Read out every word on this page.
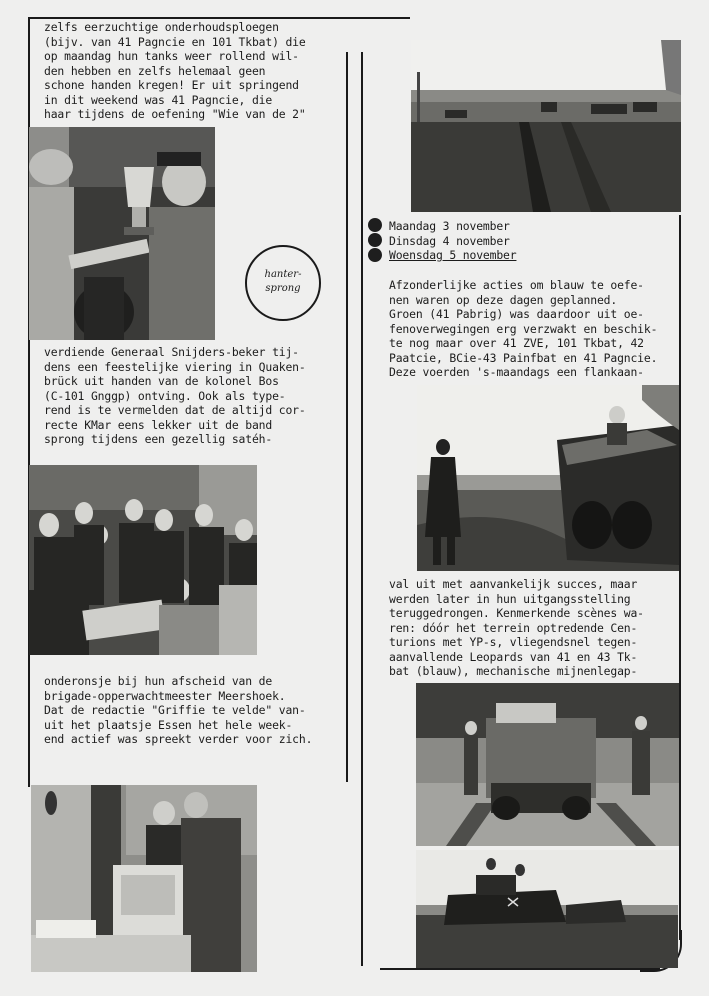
zelfs eerzuchtige onderhoudsploegen
(bijv. van 41 Pagncie en 101 Tkbat) die
op maandag hun tanks weer rollend wil-
den hebben en zelfs helemaal geen
schone handen kregen! Er uit springend
in dit weekend was 41 Pagncie, die
haar tijdens de oefening "Wie van de 2"
hanter-
sprong
verdiende Generaal Snijders-beker tij-
dens een feestelijke viering in Quaken-
brück uit handen van de kolonel Bos
(C-101 Gnggp) ontving. Ook als type-
rend is te vermelden dat de altijd cor-
recte KMar eens lekker uit de band
sprong tijdens een gezellig satéh-
onderonsje bij hun afscheid van de
brigade-opperwachtmeester Meershoek.
Dat de redactie "Griffie te velde" van-
uit het plaatsje Essen het hele week-
end actief was spreekt verder voor zich.
Maandag 3 november
Dinsdag 4 november
Woensdag 5 november
Afzonderlijke acties om blauw te oefe-
nen waren op deze dagen geplanned.
Groen (41 Pabrig) was daardoor uit oe-
fenoverwegingen erg verzwakt en beschik-
te nog maar over 41 ZVE, 101 Tkbat, 42
Paatcie, BCie-43 Painfbat en 41 Pagncie.
Deze voerden 's-maandags een flankaan-
val uit met aanvankelijk succes, maar
werden later in hun uitgangsstelling
teruggedrongen. Kenmerkende scènes wa-
ren: dóór het terrein optredende Cen-
turions met YP-s, vliegendsnel tegen-
aanvallende Leopards van 41 en 43 Tk-
bat (blauw), mechanische mijnenlegap-
